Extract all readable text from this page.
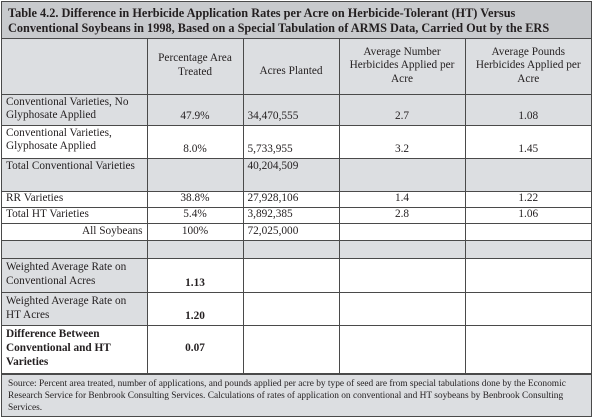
Table 4.2. Difference in Herbicide Application Rates per Acre on Herbicide-Tolerant (HT) Versus Conventional Soybeans in 1998, Based on a Special Tabulation of ARMS Data, Carried Out by the ERS
	Percentage Area Treated	Acres Planted	Average Number Herbicides Applied per Acre	Average Pounds Herbicides Applied per Acre
Conventional Varieties, No Glyphosate Applied	47.9%	34,470,555	2.7	1.08
Conventional Varieties, Glyphosate Applied	8.0%	5,733,955	3.2	1.45
Total Conventional Varieties		40,204,509		
RR Varieties	38.8%	27,928,106	1.4	1.22
Total HT Varieties	5.4%	3,892,385	2.8	1.06
All Soybeans	100%	72,025,000		

Weighted Average Rate on Conventional Acres	1.13			
Weighted Average Rate on HT Acres	1.20			
Difference Between Conventional and HT Varieties	0.07			
Source: Percent area treated, number of applications, and pounds applied per acre by type of seed are from special tabulations done by the Economic Research Service for Benbrook Consulting Services. Calculations of rates of application on conventional and HT soybeans by Benbrook Consulting Services.
